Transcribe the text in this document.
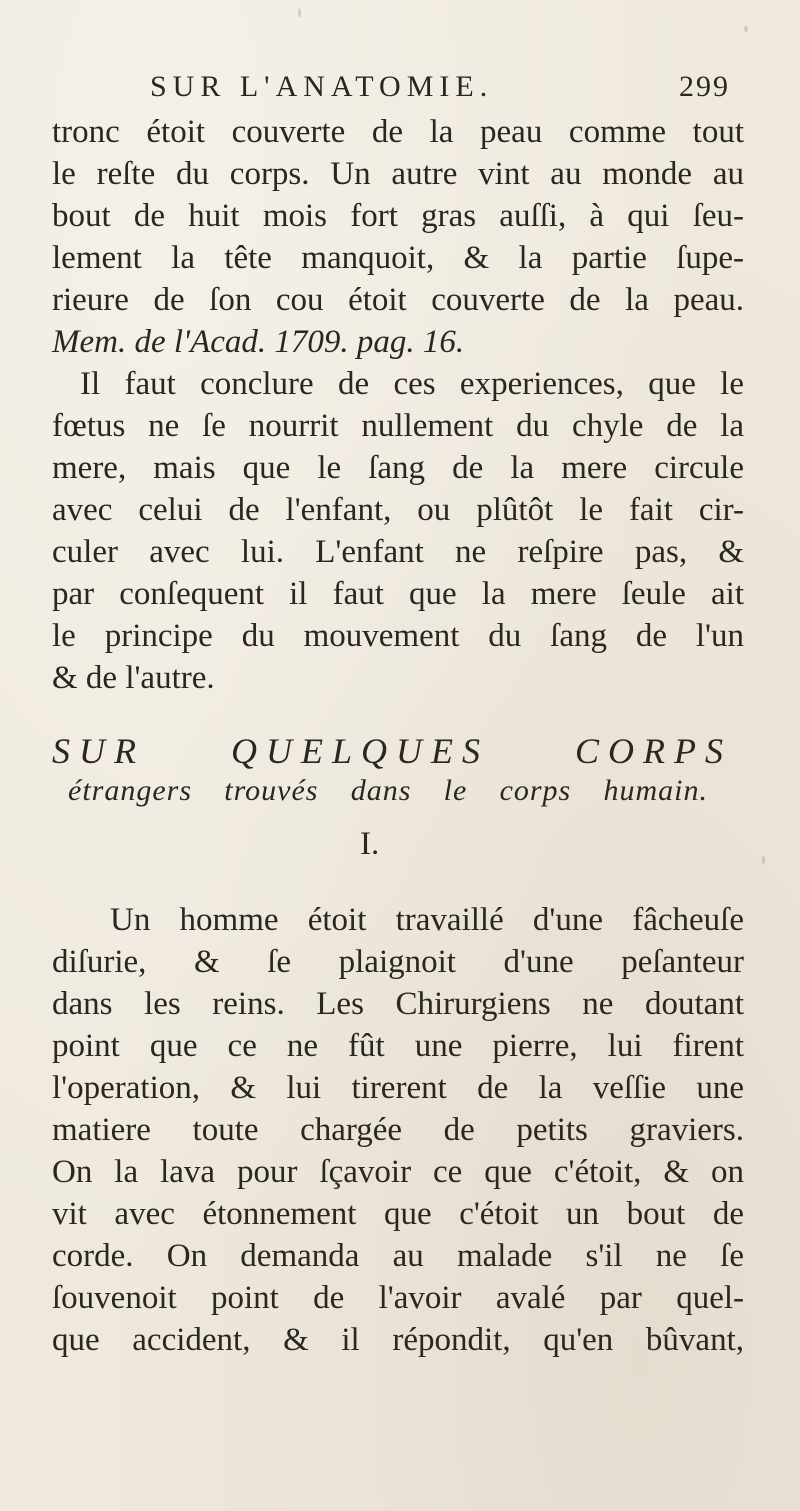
SUR L'ANATOMIE.	299
tronc étoit couverte de la peau comme tout
le reſte du corps. Un autre vint au monde au
bout de huit mois fort gras auſſi, à qui ſeu-
lement la tête manquoit, & la partie ſupe-
rieure de ſon cou étoit couverte de la peau.
Mem. de l'Acad. 1709. pag. 16.
Il faut conclure de ces experiences, que le
fœtus ne ſe nourrit nullement du chyle de la
mere, mais que le ſang de la mere circule
avec celui de l'enfant, ou plûtôt le fait cir-
culer avec lui. L'enfant ne reſpire pas, &
par conſequent il faut que la mere ſeule ait
le principe du mouvement du ſang de l'un
& de l'autre.
SUR QUELQUES CORPS
étrangers trouvés dans le corps humain.
I.
Un homme étoit travaillé d'une fâcheuſe
diſurie, & ſe plaignoit d'une peſanteur
dans les reins. Les Chirurgiens ne doutant
point que ce ne fût une pierre, lui firent
l'operation, & lui tirerent de la veſſie une
matiere toute chargée de petits graviers.
On la lava pour ſçavoir ce que c'étoit, & on
vit avec étonnement que c'étoit un bout de
corde. On demanda au malade s'il ne ſe
ſouvenoit point de l'avoir avalé par quel-
que accident, & il répondit, qu'en bûvant,
